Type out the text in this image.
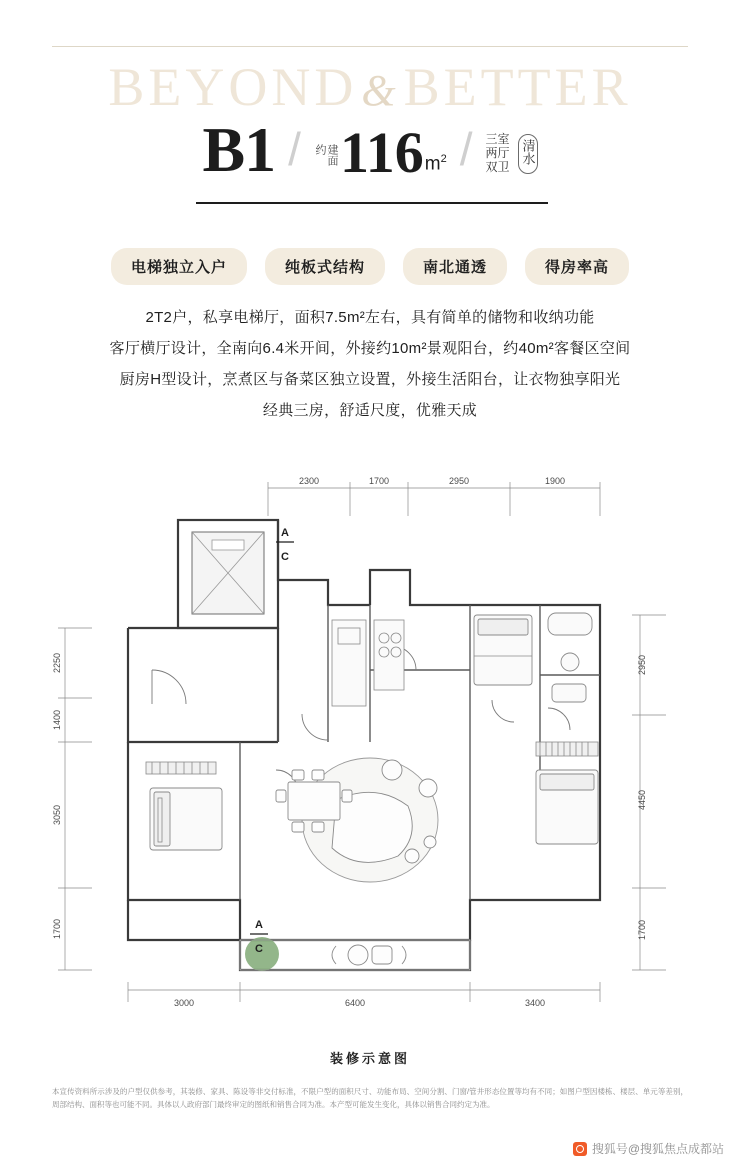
BEYOND&BETTER
B1 /	建面约 116 $m^2$ / 三室
两厅
双卫
清水
电梯独立入户	纯板式结构	南北通透	得房率高

2T2户，私享电梯厅，面积7.5m²左右，具有简单的储物和收纳功能

客厅横厅设计，全南向6.4米开间，外接约10m²景观阳台，约40m²客餐区空间

厨房H型设计，烹煮区与备菜区独立设置，外接生活阳台，让衣物独享阳光

经典三房，舒适尺度，优雅天成

2300	1700	2950	1900
2250
1400
3050
1700
2950
4450
1700
3000	6400	3400
A
C
A
C
装修示意图
本宣传资料所示涉及的户型仅供参考，其装修、家具、陈设等非交付标准，不限户型的面积尺寸、功能布局、空间分割、门窗/管井形态位置等均有不同；如图户型因楼栋、楼层、单元等差别，周部结构、面积等也可能不同。具体以人政府部门最终审定的图纸和销售合同为准。本产型可能发生变化，具体以销售合同约定为准。
搜狐号@搜狐焦点成都站
